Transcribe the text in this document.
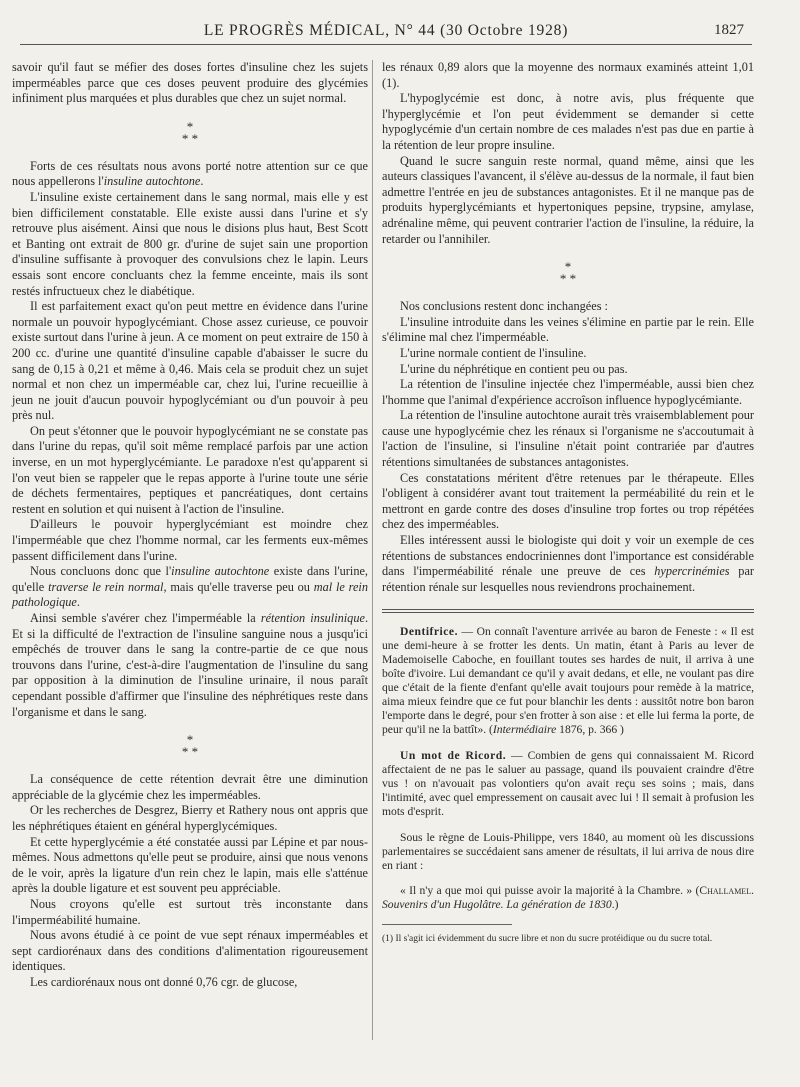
LE PROGRÈS MÉDICAL, N° 44 (30 Octobre 1928)	1827

savoir qu'il faut se méfier des doses fortes d'insuline chez les sujets imperméables parce que ces doses peuvent produire des glycémies infiniment plus marquées et plus durables que chez un sujet normal.

*
* *

Forts de ces résultats nous avons porté notre attention sur ce que nous appellerons l'insuline autochtone.

L'insuline existe certainement dans le sang normal, mais elle y est bien difficilement constatable. Elle existe aussi dans l'urine et s'y retrouve plus aisément. Ainsi que nous le disions plus haut, Best Scott et Banting ont extrait de 800 gr. d'urine de sujet sain une proportion d'insuline suffisante à provoquer des convulsions chez le lapin. Leurs essais sont encore concluants chez la femme enceinte, mais ils sont restés infructueux chez le diabétique.

Il est parfaitement exact qu'on peut mettre en évidence dans l'urine normale un pouvoir hypoglycémiant. Chose assez curieuse, ce pouvoir existe surtout dans l'urine à jeun. A ce moment on peut extraire de 150 à 200 cc. d'urine une quantité d'insuline capable d'abaisser le sucre du sang de 0,15 à 0,21 et même à 0,46. Mais cela se produit chez un sujet normal et non chez un imperméable car, chez lui, l'urine recueillie à jeun ne jouit d'aucun pouvoir hypoglycémiant ou d'un pouvoir à peu près nul.

On peut s'étonner que le pouvoir hypoglycémiant ne se constate pas dans l'urine du repas, qu'il soit même remplacé parfois par une action inverse, en un mot hyperglycémiante. Le paradoxe n'est qu'apparent si l'on veut bien se rappeler que le repas apporte à l'urine toute une série de déchets fermentaires, peptiques et pancréatiques, dont certains restent en solution et qui nuisent à l'action de l'insuline.

D'ailleurs le pouvoir hyperglycémiant est moindre chez l'imperméable que chez l'homme normal, car les ferments eux-mêmes passent difficilement dans l'urine.

Nous concluons donc que l'insuline autochtone existe dans l'urine, qu'elle traverse le rein normal, mais qu'elle traverse peu ou mal le rein pathologique.

Ainsi semble s'avérer chez l'imperméable la rétention insulinique. Et si la difficulté de l'extraction de l'insuline sanguine nous a jusqu'ici empêchés de trouver dans le sang la contre-partie de ce que nous trouvons dans l'urine, c'est-à-dire l'augmentation de l'insuline du sang par opposition à la diminution de l'insuline urinaire, il nous paraît cependant possible d'affirmer que l'insuline des néphrétiques reste dans l'organisme et dans le sang.

*
* *

La conséquence de cette rétention devrait être une diminution appréciable de la glycémie chez les imperméables.

Or les recherches de Desgrez, Bierry et Rathery nous ont appris que les néphrétiques étaient en général hyperglycémiques.

Et cette hyperglycémie a été constatée aussi par Lépine et par nous-mêmes. Nous admettons qu'elle peut se produire, ainsi que nous venons de le voir, après la ligature d'un rein chez le lapin, mais elle s'atténue après la double ligature et est souvent peu appréciable.

Nous croyons qu'elle est surtout très inconstante dans l'imperméabilité humaine.

Nous avons étudié à ce point de vue sept rénaux imperméables et sept cardiorénaux dans des conditions d'alimentation rigoureusement identiques.

Les cardiorénaux nous ont donné 0,76 cgr. de glucose,

les rénaux 0,89 alors que la moyenne des normaux examinés atteint 1,01 (1).

L'hypoglycémie est donc, à notre avis, plus fréquente que l'hyperglycémie et l'on peut évidemment se demander si cette hypoglycémie d'un certain nombre de ces malades n'est pas due en partie à la rétention de leur propre insuline.

Quand le sucre sanguin reste normal, quand même, ainsi que les auteurs classiques l'avancent, il s'élève au-dessus de la normale, il faut bien admettre l'entrée en jeu de substances antagonistes. Et il ne manque pas de produits hyperglycémiants et hypertoniques pepsine, trypsine, amylase, adrénaline même, qui peuvent contrarier l'action de l'insuline, la réduire, la retarder ou l'annihiler.

*
* *

Nos conclusions restent donc inchangées :

L'insuline introduite dans les veines s'élimine en partie par le rein. Elle s'élimine mal chez l'imperméable.

L'urine normale contient de l'insuline.

L'urine du néphrétique en contient peu ou pas.

La rétention de l'insuline injectée chez l'imperméable, aussi bien chez l'homme que l'animal d'expérience accroîson influence hypoglycémiante.

La rétention de l'insuline autochtone aurait très vraisemblablement pour cause une hypoglycémie chez les rénaux si l'organisme ne s'accoutumait à l'action de l'insuline, si l'insuline n'était point contrariée par d'autres rétentions simultanées de substances antagonistes.

Ces constatations méritent d'être retenues par le thérapeute. Elles l'obligent à considérer avant tout traitement la perméabilité du rein et le mettront en garde contre des doses d'insuline trop fortes ou trop répétées chez des imperméables.

Elles intéressent aussi le biologiste qui doit y voir un exemple de ces rétentions de substances endocriniennes dont l'importance est considérable dans l'imperméabilité rénale une preuve de ces hypercrinémies par rétention rénale sur lesquelles nous reviendrons prochainement.

Dentifrice. — On connaît l'aventure arrivée au baron de Feneste : « Il est une demi-heure à se frotter les dents. Un matin, étant à Paris au lever de Mademoiselle Caboche, en fouillant toutes ses hardes de nuit, il arriva à une boîte d'ivoire. Lui demandant ce qu'il y avait dedans, et elle, ne voulant pas dire que c'était de la fiente d'enfant qu'elle avait toujours pour remède à la matrice, aima mieux feindre que ce fut pour blanchir les dents : aussitôt notre bon baron l'emporte dans le degré, pour s'en frotter à son aise : et elle lui ferma la porte, de peur qu'il ne la battît». (Intermédiaire 1876, p. 366 )

Un mot de Ricord. — Combien de gens qui connaissaient M. Ricord affectaient de ne pas le saluer au passage, quand ils pouvaient craindre d'être vus ! on n'avouait pas volontiers qu'on avait reçu ses soins ; mais, dans l'intimité, avec quel empressement on causait avec lui ! Il semait à profusion les mots d'esprit.

Sous le règne de Louis-Philippe, vers 1840, au moment où les discussions parlementaires se succédaient sans amener de résultats, il lui arriva de nous dire en riant :

« Il n'y a que moi qui puisse avoir la majorité à la Chambre. » (Challamel. Souvenirs d'un Hugolâtre. La génération de 1830.)

(1) Il s'agit ici évidemment du sucre libre et non du sucre protéidique ou du sucre total.
